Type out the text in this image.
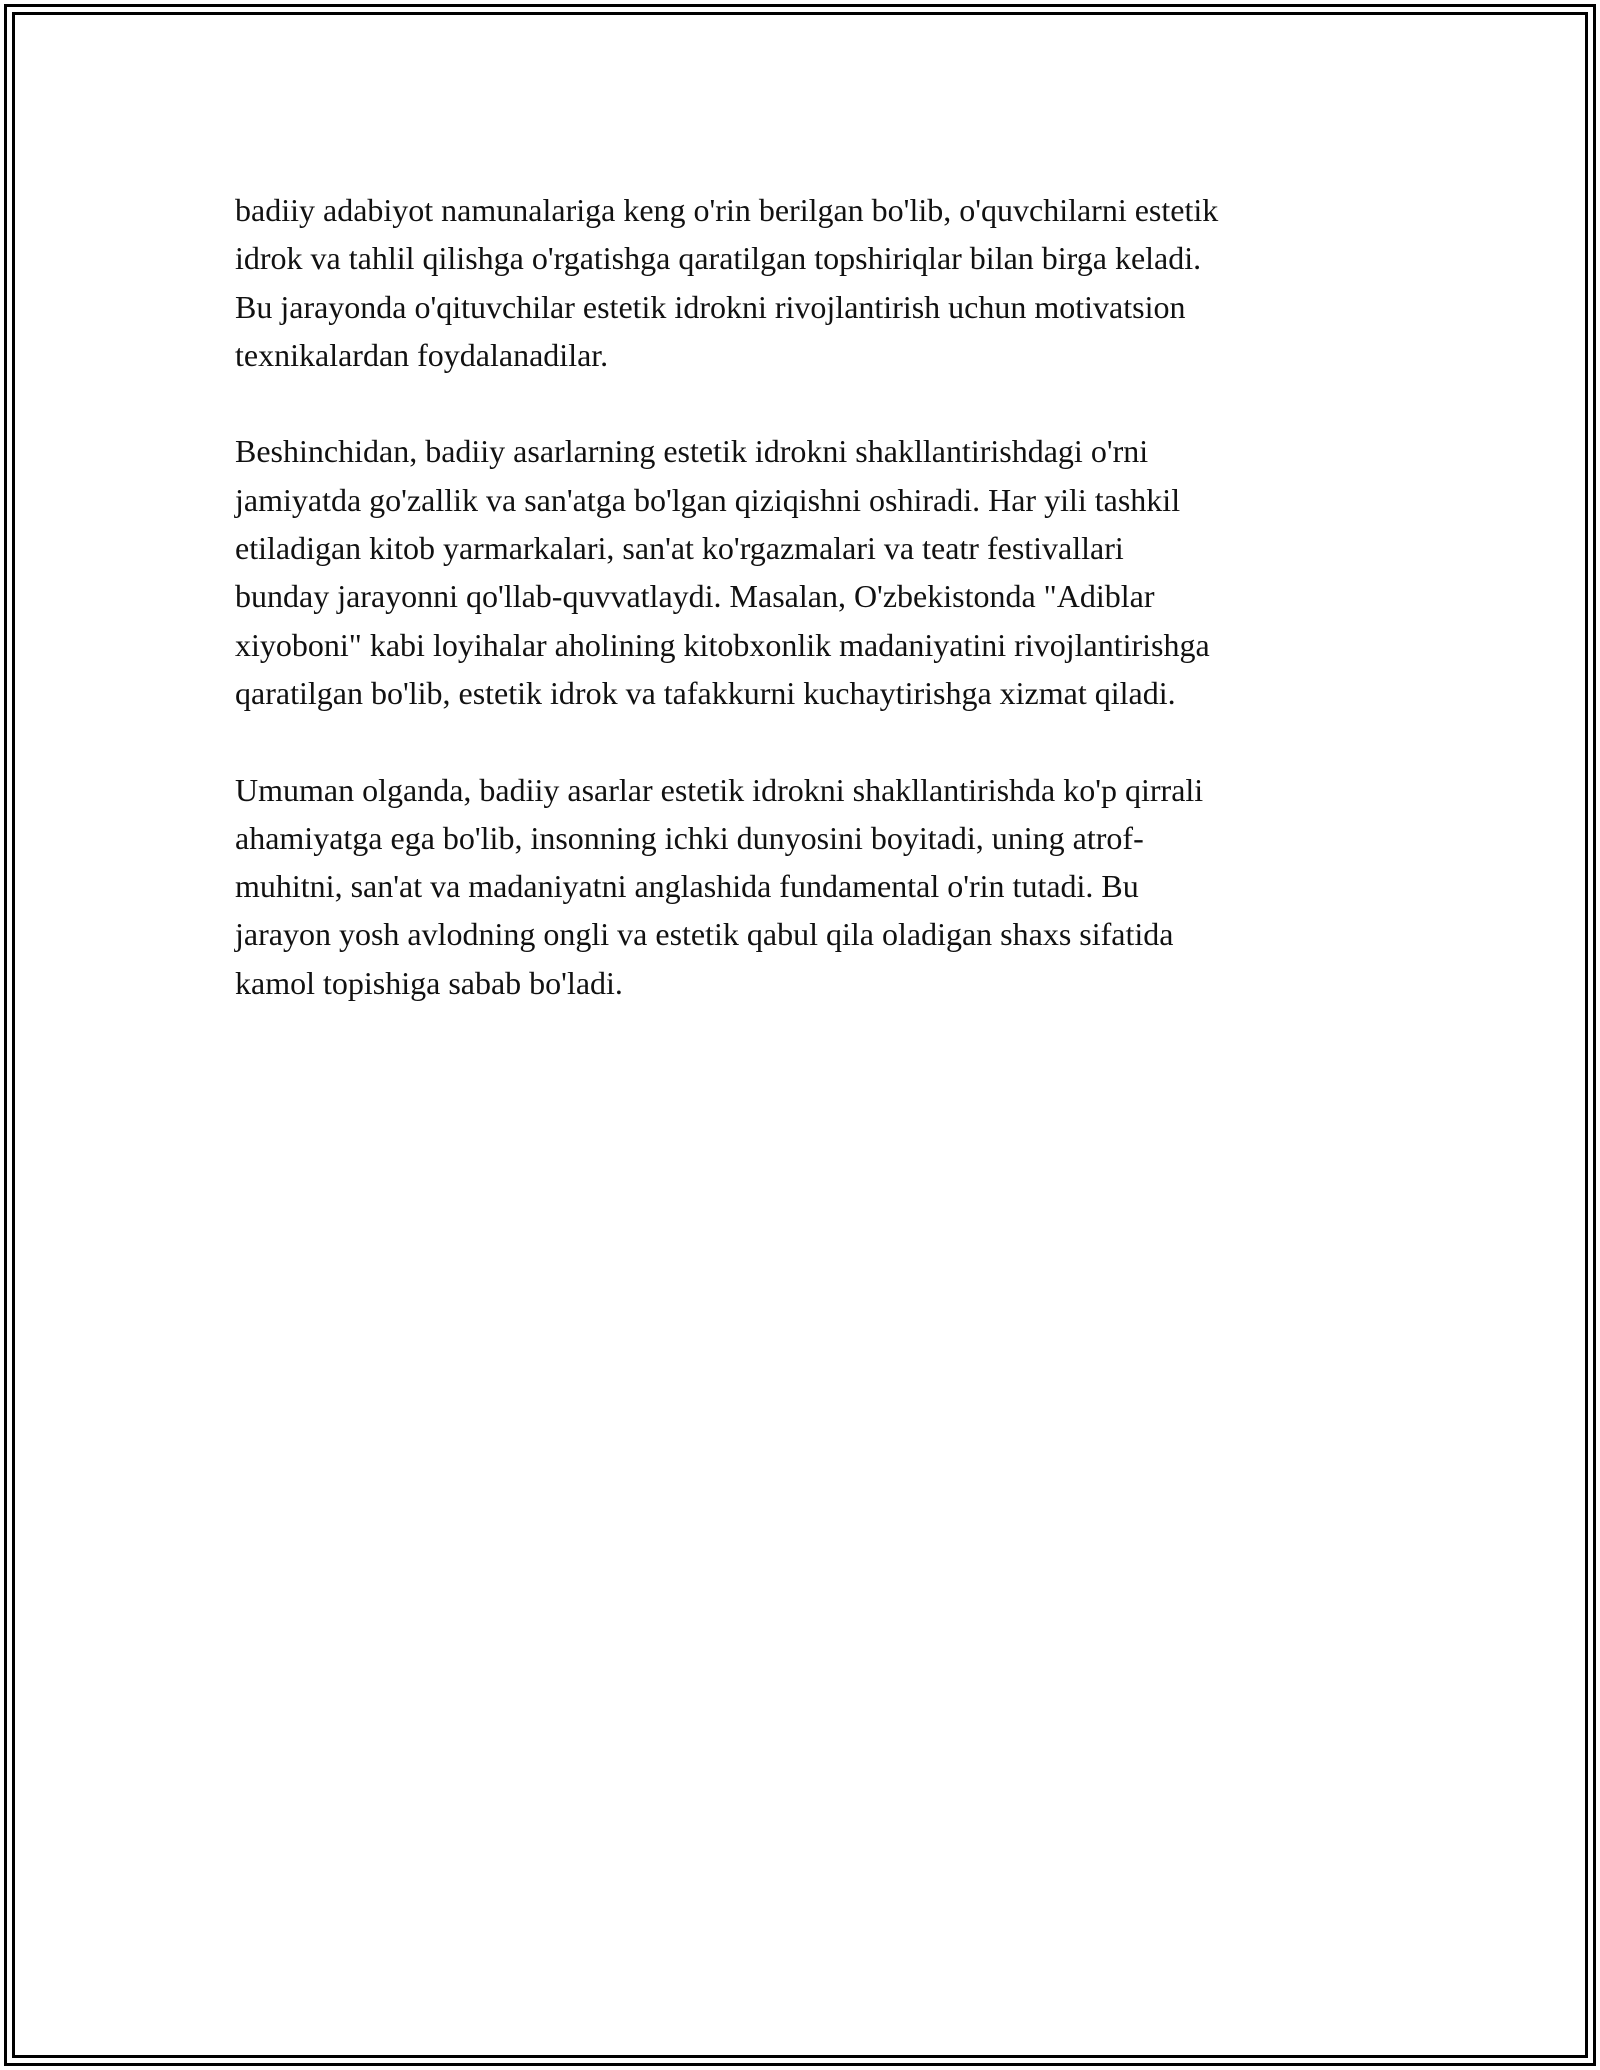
badiiy adabiyot namunalariga keng o'rin berilgan bo'lib, o'quvchilarni estetik
idrok va tahlil qilishga o'rgatishga qaratilgan topshiriqlar bilan birga keladi.
Bu jarayonda o'qituvchilar estetik idrokni rivojlantirish uchun motivatsion
texnikalardan foydalanadilar.

Beshinchidan, badiiy asarlarning estetik idrokni shakllantirishdagi o'rni
jamiyatda go'zallik va san'atga bo'lgan qiziqishni oshiradi. Har yili tashkil
etiladigan kitob yarmarkalari, san'at ko'rgazmalari va teatr festivallari
bunday jarayonni qo'llab-quvvatlaydi. Masalan, O'zbekistonda "Adiblar
xiyoboni" kabi loyihalar aholining kitobxonlik madaniyatini rivojlantirishga
qaratilgan bo'lib, estetik idrok va tafakkurni kuchaytirishga xizmat qiladi.

Umuman olganda, badiiy asarlar estetik idrokni shakllantirishda ko'p qirrali
ahamiyatga ega bo'lib, insonning ichki dunyosini boyitadi, uning atrof-
muhitni, san'at va madaniyatni anglashida fundamental o'rin tutadi. Bu
jarayon yosh avlodning ongli va estetik qabul qila oladigan shaxs sifatida
kamol topishiga sabab bo'ladi.
